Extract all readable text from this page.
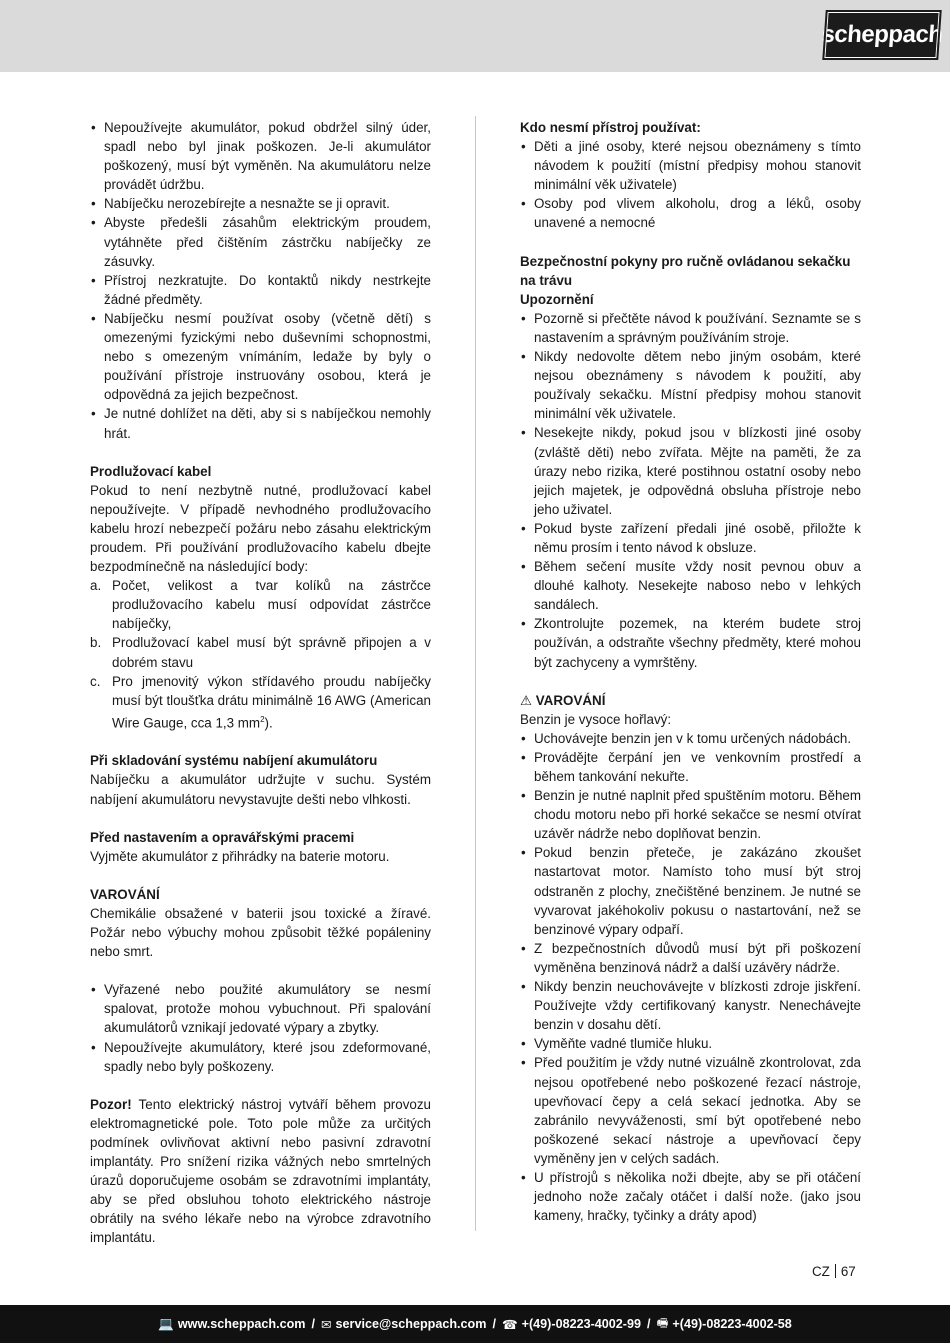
scheppach
• Nepoužívejte akumulátor, pokud obdržel silný úder, spadl nebo byl jinak poškozen. Je-li akumulátor poškozený, musí být vyměněn. Na akumulátoru nelze provádět údržbu.
• Nabíječku nerozebírejte a nesnažte se ji opravit.
• Abyste předešli zásahům elektrickým proudem, vytáhněte před čištěním zástrčku nabíječky ze zásuvky.
• Přístroj nezkratujte. Do kontaktů nikdy nestrkejte žádné předměty.
• Nabíječku nesmí používat osoby (včetně dětí) s omezenými fyzickými nebo duševními schopnostmi, nebo s omezeným vnímáním, ledaže by byly o používání přístroje instruovány osobou, která je odpovědná za jejich bezpečnost.
• Je nutné dohlížet na děti, aby si s nabíječkou nemohly hrát.

Prodlužovací kabel

Pokud to není nezbytně nutné, prodlužovací kabel nepoužívejte. V případě nevhodného prodlužovacího kabelu hrozí nebezpečí požáru nebo zásahu elektrickým proudem. Při používání prodlužovacího kabelu dbejte bezpodmínečně na následující body:

a. Počet, velikost a tvar kolíků na zástrčce prodlužovacího kabelu musí odpovídat zástrčce nabíječky,
b. Prodlužovací kabel musí být správně připojen a v dobrém stavu
c. Pro jmenovitý výkon střídavého proudu nabíječky musí být tloušťka drátu minimálně 16 AWG (American Wire Gauge, cca 1,3 $mm^2$).

Při skladování systému nabíjení akumulátoru

Nabíječku a akumulátor udržujte v suchu. Systém nabíjení akumulátoru nevystavujte dešti nebo vlhkosti.

Před nastavením a opravářskými pracemi

Vyjměte akumulátor z přihrádky na baterie motoru.

VAROVÁNÍ

Chemikálie obsažené v baterii jsou toxické a žíravé. Požár nebo výbuchy mohou způsobit těžké popáleniny nebo smrt.

• Vyřazené nebo použité akumulátory se nesmí spalovat, protože mohou vybuchnout. Při spalování akumulátorů vznikají jedovaté výpary a zbytky.
• Nepoužívejte akumulátory, které jsou zdeformované, spadly nebo byly poškozeny.

Pozor! Tento elektrický nástroj vytváří během provozu elektromagnetické pole. Toto pole může za určitých podmínek ovlivňovat aktivní nebo pasivní zdravotní implantáty. Pro snížení rizika vážných nebo smrtelných úrazů doporučujeme osobám se zdravotními implantáty, aby se před obsluhou tohoto elektrického nástroje obrátily na svého lékaře nebo na výrobce zdravotního implantátu.

Kdo nesmí přístroj používat:

• Děti a jiné osoby, které nejsou obeznámeny s tímto návodem k použití (místní předpisy mohou stanovit minimální věk uživatele)
• Osoby pod vlivem alkoholu, drog a léků, osoby unavené a nemocné

Bezpečnostní pokyny pro ručně ovládanou sekačku na trávu

Upozornění

• Pozorně si přečtěte návod k používání. Seznamte se s nastavením a správným používáním stroje.
• Nikdy nedovolte dětem nebo jiným osobám, které nejsou obeznámeny s návodem k použití, aby používaly sekačku. Místní předpisy mohou stanovit minimální věk uživatele.
• Nesekejte nikdy, pokud jsou v blízkosti jiné osoby (zvláště děti) nebo zvířata. Mějte na paměti, že za úrazy nebo rizika, které postihnou ostatní osoby nebo jejich majetek, je odpovědná obsluha přístroje nebo jeho uživatel.
• Pokud byste zařízení předali jiné osobě, přiložte k němu prosím i tento návod k obsluze.
• Během sečení musíte vždy nosit pevnou obuv a dlouhé kalhoty. Nesekejte naboso nebo v lehkých sandálech.
• Zkontrolujte pozemek, na kterém budete stroj používán, a odstraňte všechny předměty, které mohou být zachyceny a vymrštěny.

⚠ VAROVÁNÍ

Benzin je vysoce hořlavý:

• Uchovávejte benzin jen v k tomu určených nádobách.
• Provádějte čerpání jen ve venkovním prostředí a během tankování nekuřte.
• Benzin je nutné naplnit před spuštěním motoru. Během chodu motoru nebo při horké sekačce se nesmí otvírat uzávěr nádrže nebo doplňovat benzin.
• Pokud benzin přeteče, je zakázáno zkoušet nastartovat motor. Namísto toho musí být stroj odstraněn z plochy, znečištěné benzinem. Je nutné se vyvarovat jakéhokoliv pokusu o nastartování, než se benzinové výpary odpaří.
• Z bezpečnostních důvodů musí být při poškození vyměněna benzinová nádrž a další uzávěry nádrže.
• Nikdy benzin neuchovávejte v blízkosti zdroje jiskření. Používejte vždy certifikovaný kanystr. Nenechávejte benzin v dosahu dětí.
• Vyměňte vadné tlumiče hluku.
• Před použitím je vždy nutné vizuálně zkontrolovat, zda nejsou opotřebené nebo poškozené řezací nástroje, upevňovací čepy a celá sekací jednotka. Aby se zabránilo nevyváženosti, smí být opotřebené nebo poškozené sekací nástroje a upevňovací čepy vyměněny jen v celých sadách.
• U přístrojů s několika noži dbejte, aby se při otáčení jednoho nože začaly otáčet i další nože. (jako jsou kameny, hračky, tyčinky a dráty apod)
CZ 67
💻 www.scheppach.com / ✉ service@scheppach.com / ☎ +(49)-08223-4002-99 / 🖷 +(49)-08223-4002-58
